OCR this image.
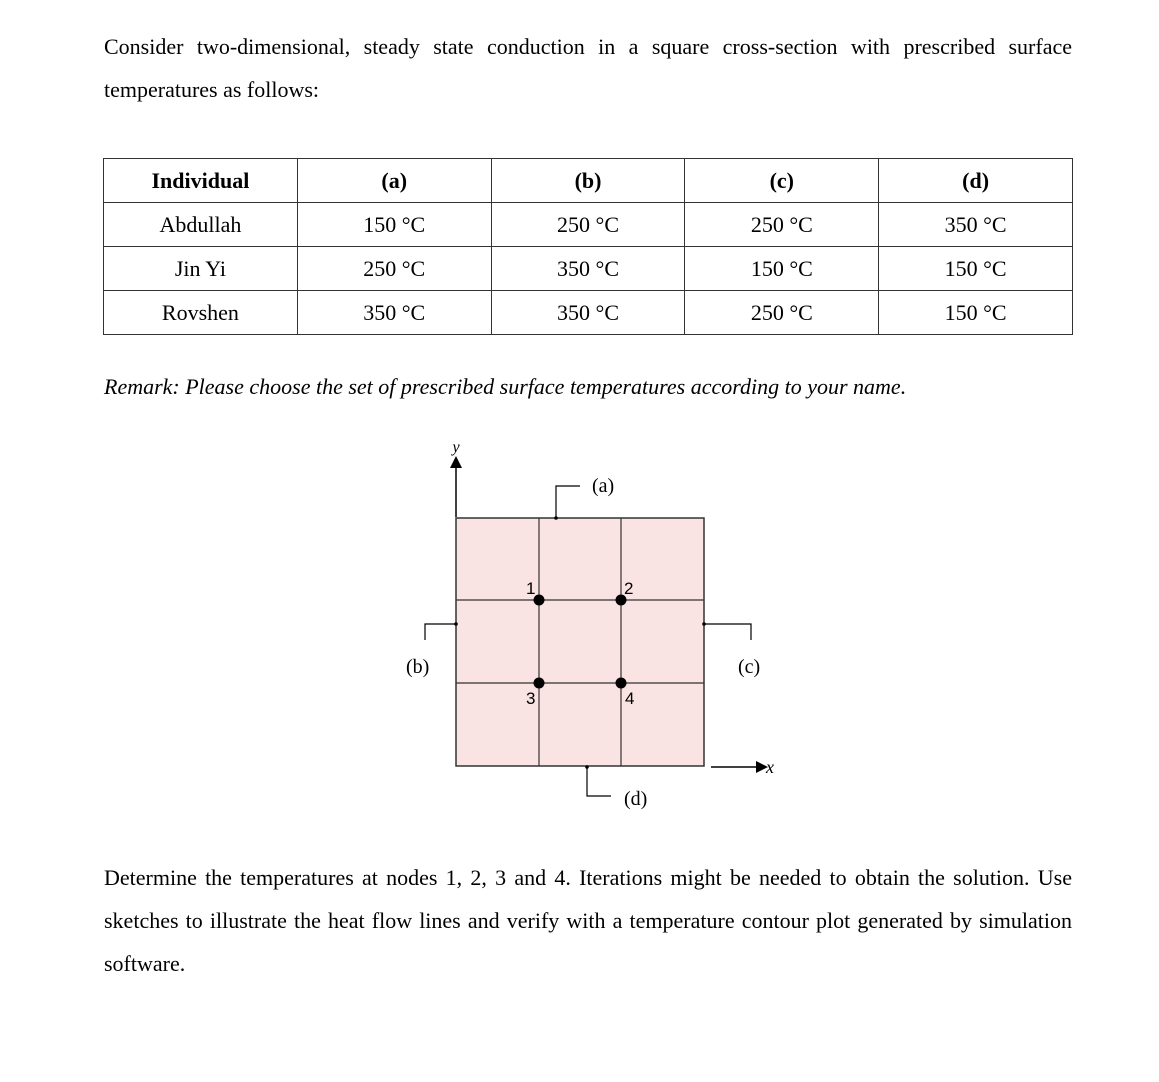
Consider two-dimensional, steady state conduction in a square cross-section with prescribed surface temperatures as follows:
Individual	(a)	(b)	(c)	(d)
Abdullah	150 °C	250 °C	250 °C	350 °C
Jin Yi	250 °C	350 °C	150 °C	150 °C
Rovshen	350 °C	350 °C	250 °C	150 °C
Remark: Please choose the set of prescribed surface temperatures according to your name.
y
x
(a)
(b)	(c)
(d)
1	2
3	4
Determine the temperatures at nodes 1, 2, 3 and 4. Iterations might be needed to obtain the solution. Use sketches to illustrate the heat flow lines and verify with a temperature contour plot generated by simulation software.
